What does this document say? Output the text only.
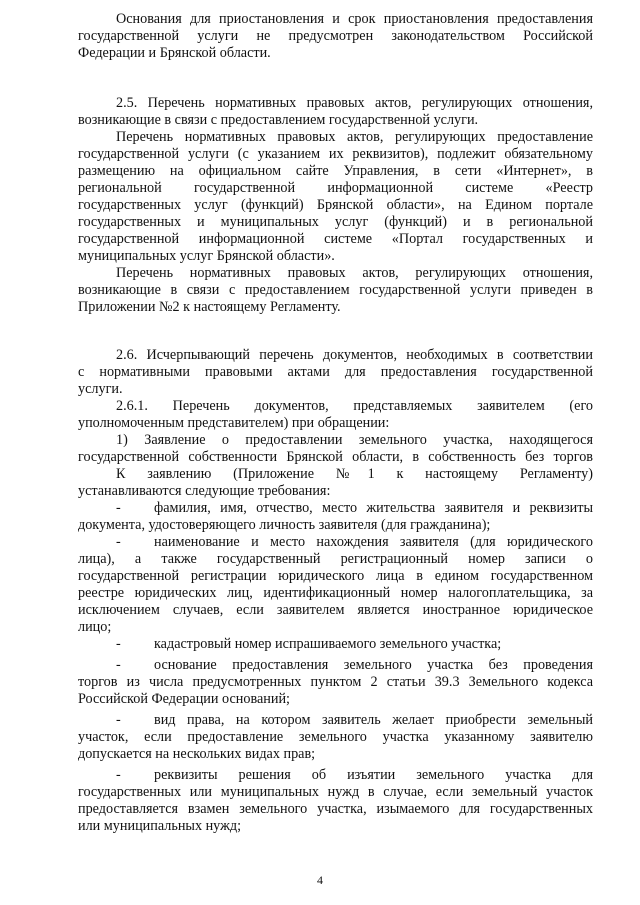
Основания для приостановления и срок приостановления предоставления
государственной услуги не предусмотрен законодательством Российской
Федерации и Брянской области.
2.5. Перечень нормативных правовых актов, регулирующих отношения,
возникающие в связи с предоставлением государственной услуги.
Перечень нормативных правовых актов, регулирующих предоставление
государственной услуги (с указанием их реквизитов), подлежит обязательному
размещению на официальном сайте Управления, в сети «Интернет», в
региональной государственной информационной системе «Реестр
государственных услуг (функций) Брянской области», на Едином портале
государственных и муниципальных услуг (функций) и в региональной
государственной информационной системе «Портал государственных и
муниципальных услуг Брянской области».
Перечень нормативных правовых актов, регулирующих отношения,
возникающие в связи с предоставлением государственной услуги приведен в
Приложении №2 к настоящему Регламенту.
2.6. Исчерпывающий перечень документов, необходимых в соответствии
с нормативными правовыми актами для предоставления государственной
услуги.
2.6.1. Перечень документов, представляемых заявителем (его
уполномоченным представителем) при обращении:
1) Заявление о предоставлении земельного участка, находящегося
государственной собственности Брянской области, в собственность без торгов
К заявлению (Приложение №1 к настоящему Регламенту)
устанавливаются следующие требования:
- фамилия, имя, отчество, место жительства заявителя и реквизиты
документа, удостоверяющего личность заявителя (для гражданина);
- наименование и место нахождения заявителя (для юридического
лица), а также государственный регистрационный номер записи о
государственной регистрации юридического лица в едином государственном
реестре юридических лиц, идентификационный номер налогоплательщика, за
исключением случаев, если заявителем является иностранное юридическое
лицо;
- кадастровый номер испрашиваемого земельного участка;
- основание предоставления земельного участка без проведения
торгов из числа предусмотренных пунктом 2 статьи 39.3 Земельного кодекса
Российской Федерации оснований;
- вид права, на котором заявитель желает приобрести земельный
участок, если предоставление земельного участка указанному заявителю
допускается на нескольких видах прав;
- реквизиты решения об изъятии земельного участка для
государственных или муниципальных нужд в случае, если земельный участок
предоставляется взамен земельного участка, изымаемого для государственных
или муниципальных нужд;
4
